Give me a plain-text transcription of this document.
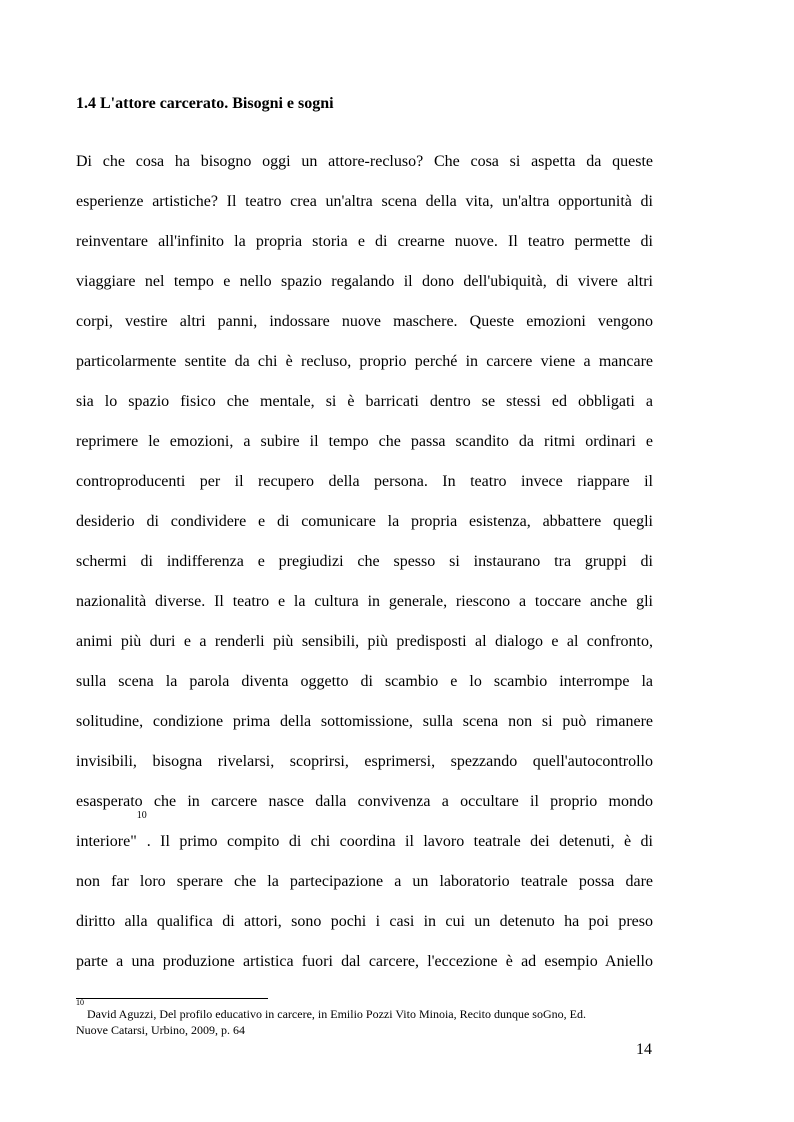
1.4 L'attore carcerato. Bisogni e sogni
Di che cosa ha bisogno oggi un attore-recluso? Che cosa si aspetta da queste
esperienze artistiche? Il teatro crea un'altra scena della vita, un'altra opportunità di
reinventare all'infinito la propria storia e di crearne nuove. Il teatro permette di
viaggiare nel tempo e nello spazio regalando il dono dell'ubiquità, di vivere altri
corpi, vestire altri panni, indossare nuove maschere. Queste emozioni vengono
particolarmente sentite da chi è recluso, proprio perché in carcere viene a mancare
sia lo spazio fisico che mentale, si è barricati dentro se stessi ed obbligati a
reprimere le emozioni, a subire il tempo che passa scandito da ritmi ordinari e
controproducenti per il recupero della persona. In teatro invece riappare il
desiderio di condividere e di comunicare la propria esistenza, abbattere quegli
schermi di indifferenza e pregiudizi che spesso si instaurano tra gruppi di
nazionalità diverse. Il teatro e la cultura in generale, riescono a toccare anche gli
animi più duri e a renderli più sensibili, più predisposti al dialogo e al confronto,
sulla scena la parola diventa oggetto di scambio e lo scambio interrompe la
solitudine, condizione prima della sottomissione, sulla scena non si può rimanere
invisibili, bisogna rivelarsi, scoprirsi, esprimersi, spezzando quell'autocontrollo
esasperato che in carcere nasce dalla convivenza a occultare il proprio mondo
interiore"$^{10}$. Il primo compito di chi coordina il lavoro teatrale dei detenuti, è di
non far loro sperare che la partecipazione a un laboratorio teatrale possa dare
diritto alla qualifica di attori, sono pochi i casi in cui un detenuto ha poi preso
parte a una produzione artistica fuori dal carcere, l'eccezione è ad esempio Aniello
$^{10}$ David Aguzzi, Del profilo educativo in carcere, in Emilio Pozzi Vito Minoia, Recito dunque soGno, Ed.
Nuove Catarsi, Urbino, 2009, p. 64
14
